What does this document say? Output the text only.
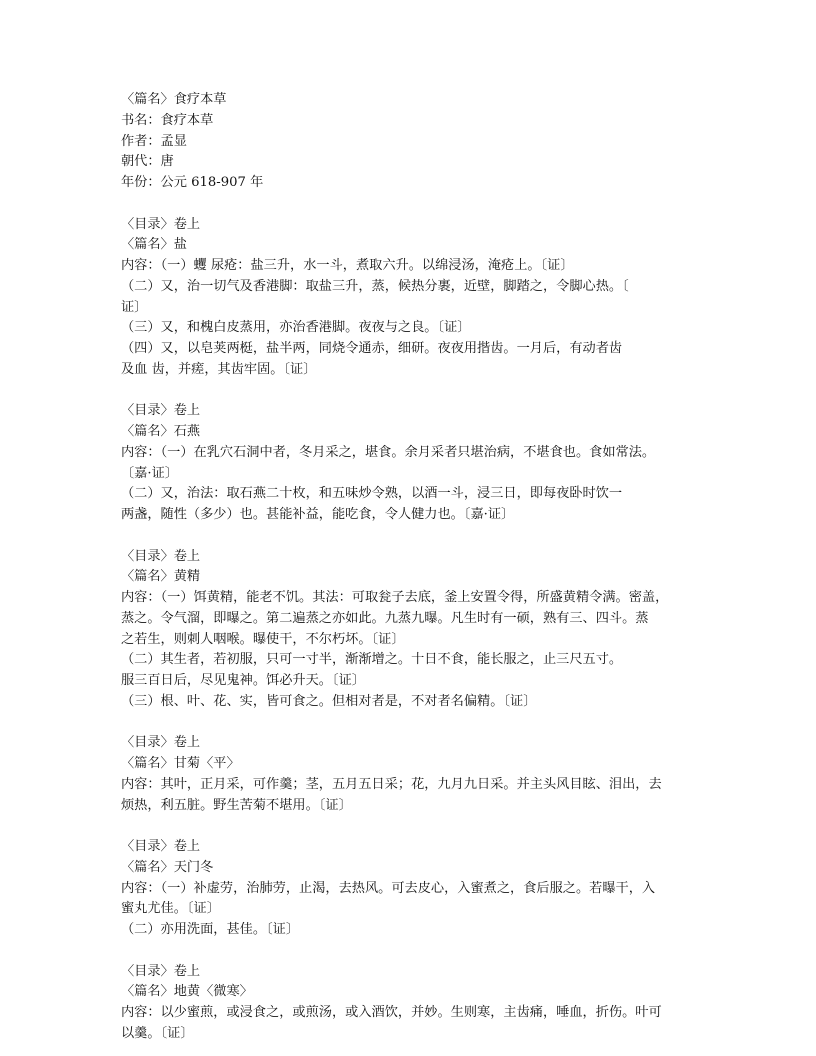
〈篇名〉食疗本草
书名：食疗本草
作者：孟显
朝代：唐
年份：公元 618-907 年
〈目录〉卷上
〈篇名〉盐
内容：（一）蠼 尿疮：盐三升，水一斗，煮取六升。以绵浸汤，淹疮上。〔证〕
（二）又，治一切气及香港脚：取盐三升，蒸，候热分裹，近壁，脚踏之，令脚心热。〔
证〕
（三）又，和槐白皮蒸用，亦治香港脚。夜夜与之良。〔证〕
（四）又，以皂荚两梃，盐半两，同烧令通赤，细研。夜夜用揩齿。一月后，有动者齿
及血 齿，并瘥，其齿牢固。〔证〕
〈目录〉卷上
〈篇名〉石燕
内容：（一）在乳穴石洞中者，冬月采之，堪食。余月采者只堪治病，不堪食也。食如常法。
〔嘉·证〕
（二）又，治法：取石燕二十枚，和五味炒令熟，以酒一斗，浸三日，即每夜卧时饮一
两盏，随性（多少）也。甚能补益，能吃食，令人健力也。〔嘉·证〕
〈目录〉卷上
〈篇名〉黄精
内容：（一）饵黄精，能老不饥。其法：可取瓮子去底，釜上安置令得，所盛黄精令满。密盖，
蒸之。令气溜，即曝之。第二遍蒸之亦如此。九蒸九曝。凡生时有一硕，熟有三、四斗。蒸
之若生，则刺人咽喉。曝使干，不尔朽坏。〔证〕
（二）其生者，若初服，只可一寸半，渐渐增之。十日不食，能长服之，止三尺五寸。
服三百日后，尽见鬼神。饵必升天。〔证〕
（三）根、叶、花、实，皆可食之。但相对者是，不对者名偏精。〔证〕
〈目录〉卷上
〈篇名〉甘菊〈平〉
内容：其叶，正月采，可作羹；茎，五月五日采；花，九月九日采。并主头风目眩、泪出，去
烦热，利五脏。野生苦菊不堪用。〔证〕
〈目录〉卷上
〈篇名〉天门冬
内容：（一）补虚劳，治肺劳，止渴，去热风。可去皮心，入蜜煮之，食后服之。若曝干，入
蜜丸尤佳。〔证〕
（二）亦用洗面，甚佳。〔证〕
〈目录〉卷上
〈篇名〉地黄〈微寒〉
内容：以少蜜煎，或浸食之，或煎汤，或入酒饮，并妙。生则寒，主齿痛，唾血，折伤。叶可
以羹。〔证〕
